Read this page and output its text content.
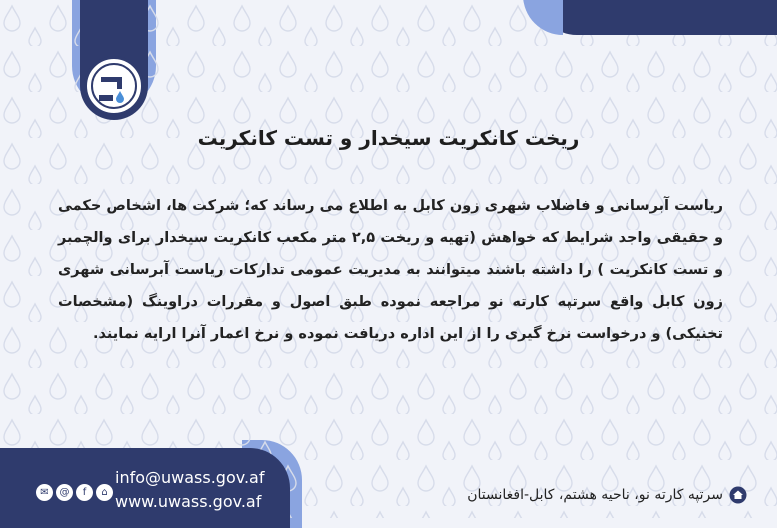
ریخت کانکریت سیخدار و تست کانکریت
ریاست آبرسانی و فاضلاب شهری زون کابل به اطلاع می رساند که؛ شرکت ها، اشخاص حکمی و حقیقی واجد شرایط که خواهش (تهیه و ریخت ۲,۵ متر مکعب کانکریت سیخدار برای والچمبر و تست کانکریت ) را داشته باشند میتوانند به مدیریت عمومی تدارکات ریاست آبرسانی شهری زون کابل واقع سرتپه کارته نو مراجعه نموده طبق اصول و مقررات دراوینگ (مشخصات تخنیکی) و درخواست نرخ گیری را از این اداره دریافت نموده و نرخ اعمار آنرا ارایه نمایند.
✉	@	f	⌂
info@uwass.gov.af
www.uwass.gov.af	سرتپه کارته نو، ناحیه هشتم، کابل-افغانستان
